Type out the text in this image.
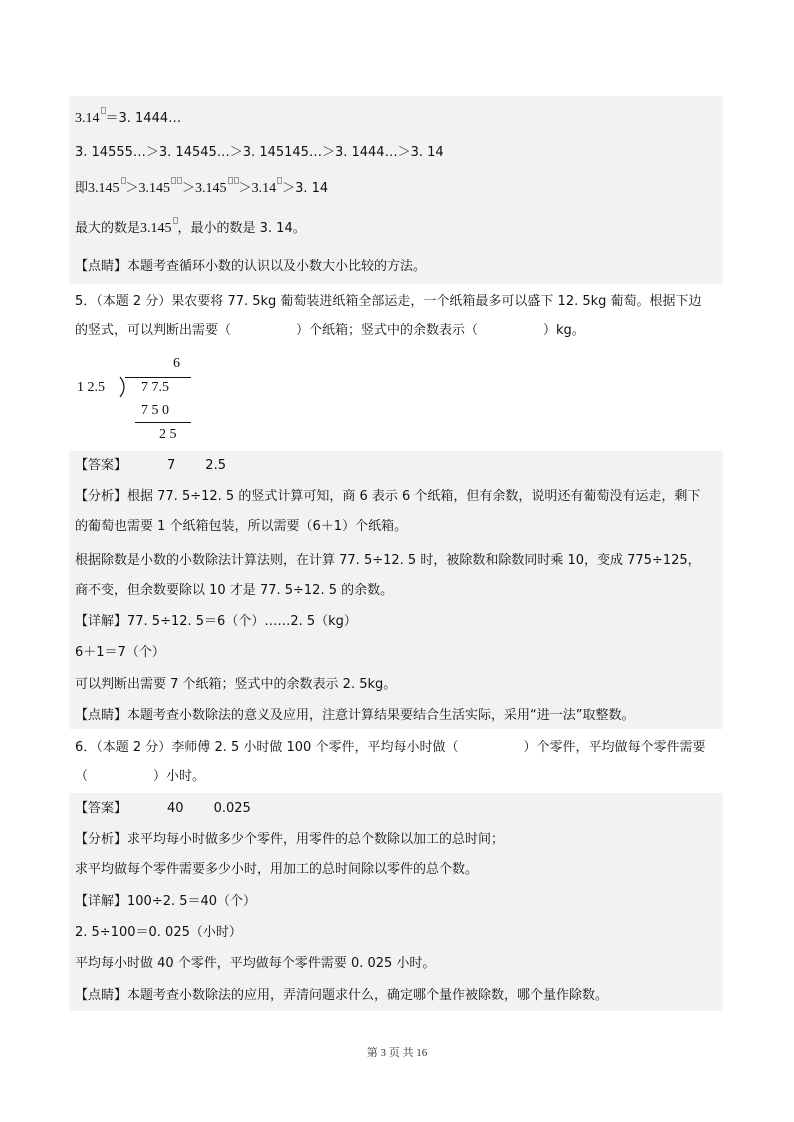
3.14 ＝3. 1444…
3. 14555…＞3. 14545…＞3. 145145…＞3. 1444…＞3. 14
即3.145 ＞3.145 ＞3.145 ＞3.14 ＞3. 14
最大的数是3.145 ，最小的数是 3. 14。
【点睛】本题考查循环小数的认识以及小数大小比较的方法。
5．（本题 2 分）果农要将 77. 5kg 葡萄装进纸箱全部运走，一个纸箱最多可以盛下 12. 5kg 葡萄。根据下边
的竖式，可以判断出需要（　　　　　）个纸箱；竖式中的余数表示（　　　　　）kg。
6
1 2.5	7 7.5
7 5 0
2 5
【答案】	7 2.5
【分析】根据 77. 5÷12. 5 的竖式计算可知，商 6 表示 6 个纸箱，但有余数，说明还有葡萄没有运走，剩下
的葡萄也需要 1 个纸箱包装，所以需要（6＋1）个纸箱。
根据除数是小数的小数除法计算法则，在计算 77. 5÷12. 5 时，被除数和除数同时乘 10，变成 775÷125，
商不变，但余数要除以 10 才是 77. 5÷12. 5 的余数。
【详解】77. 5÷12. 5＝6（个）……2. 5（kg）
6＋1＝7（个）
可以判断出需要 7 个纸箱；竖式中的余数表示 2. 5kg。
【点睛】本题考查小数除法的意义及应用，注意计算结果要结合生活实际，采用“进一法”取整数。
6．（本题 2 分）李师傅 2. 5 小时做 100 个零件，平均每小时做（　　　　　）个零件，平均做每个零件需要
（　　　　　）小时。
【答案】	40 0.025
【分析】求平均每小时做多少个零件，用零件的总个数除以加工的总时间；
求平均做每个零件需要多少小时，用加工的总时间除以零件的总个数。
【详解】100÷2. 5＝40（个）
2. 5÷100＝0. 025（小时）
平均每小时做 40 个零件，平均做每个零件需要 0. 025 小时。
【点睛】本题考查小数除法的应用，弄清问题求什么，确定哪个量作被除数，哪个量作除数。
第 3 页 共 16
